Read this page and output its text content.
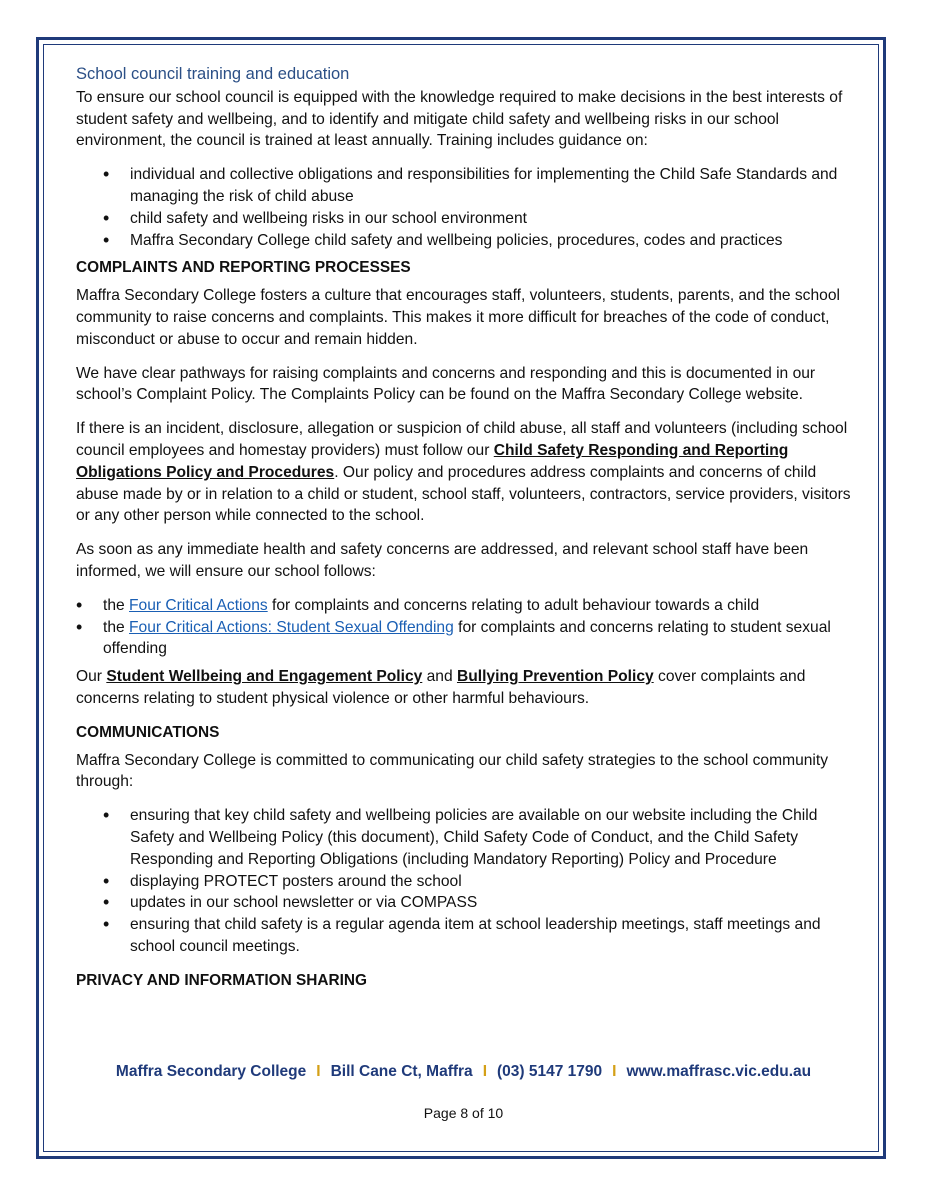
School council training and education

To ensure our school council is equipped with the knowledge required to make decisions in the best interests of student safety and wellbeing, and to identify and mitigate child safety and wellbeing risks in our school environment, the council is trained at least annually. Training includes guidance on:

• individual and collective obligations and responsibilities for implementing the Child Safe Standards and managing the risk of child abuse
• child safety and wellbeing risks in our school environment
• Maffra Secondary College child safety and wellbeing policies, procedures, codes and practices
COMPLAINTS AND REPORTING PROCESSES

Maffra Secondary College fosters a culture that encourages staff, volunteers, students, parents, and the school community to raise concerns and complaints. This makes it more difficult for breaches of the code of conduct, misconduct or abuse to occur and remain hidden.

We have clear pathways for raising complaints and concerns and responding and this is documented in our school’s Complaint Policy. The Complaints Policy can be found on the Maffra Secondary College website.

If there is an incident, disclosure, allegation or suspicion of child abuse, all staff and volunteers (including school council employees and homestay providers) must follow our Child Safety Responding and Reporting Obligations Policy and Procedures. Our policy and procedures address complaints and concerns of child abuse made by or in relation to a child or student, school staff, volunteers, contractors, service providers, visitors or any other person while connected to the school.

As soon as any immediate health and safety concerns are addressed, and relevant school staff have been informed, we will ensure our school follows:

• the Four Critical Actions for complaints and concerns relating to adult behaviour towards a child
• the Four Critical Actions: Student Sexual Offending for complaints and concerns relating to student sexual offending

Our Student Wellbeing and Engagement Policy and Bullying Prevention Policy cover complaints and concerns relating to student physical violence or other harmful behaviours.

COMMUNICATIONS

Maffra Secondary College is committed to communicating our child safety strategies to the school community through:

• ensuring that key child safety and wellbeing policies are available on our website including the Child Safety and Wellbeing Policy (this document), Child Safety Code of Conduct, and the Child Safety Responding and Reporting Obligations (including Mandatory Reporting) Policy and Procedure
• displaying PROTECT posters around the school
• updates in our school newsletter or via COMPASS
• ensuring that child safety is a regular agenda item at school leadership meetings, staff meetings and school council meetings.
PRIVACY AND INFORMATION SHARING
Maffra Secondary College I Bill Cane Ct, Maffra I (03) 5147 1790 I www.maffrasc.vic.edu.au
Page 8 of 10
